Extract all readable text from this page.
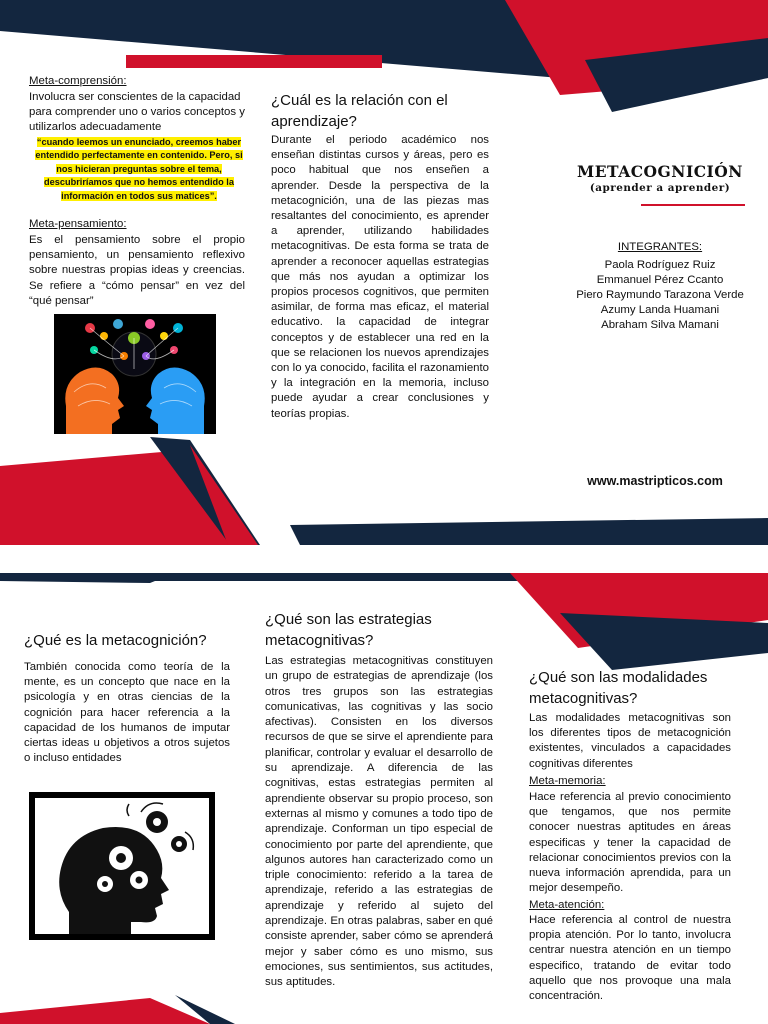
Meta-comprensión:
Involucra ser conscientes de la capacidad para comprender uno o varios conceptos y utilizarlos adecuadamente
“cuando leemos un enunciado, creemos haber entendido perfectamente en contenido. Pero, si nos hicieran preguntas sobre el tema, descubriríamos que no hemos entendido la información en todos sus matices”.
Meta-pensamiento:
Es el pensamiento sobre el propio pensamiento, un pensamiento reflexivo sobre nuestras propias ideas y creencias. Se refiere a “cómo pensar” en vez del “qué pensar”
¿Cuál es la relación con el aprendizaje?
Durante el periodo académico nos enseñan distintas cursos y áreas, pero es poco habitual que nos enseñen a aprender. Desde la perspectiva de la metacognición, una de las piezas mas resaltantes del conocimiento, es aprender a aprender, utilizando habilidades metacognitivas. De esta forma se trata de aprender a reconocer aquellas estrategias que más nos ayudan a optimizar los propios procesos cognitivos, que permiten asimilar, de forma mas eficaz, el material educativo. la capacidad de integrar conceptos y de establecer una red en la que se relacionen los nuevos aprendizajes con lo ya conocido, facilita el razonamiento y la integración en la memoria, incluso puede ayudar a crear conclusiones y teorías propias.
METACOGNICIÓN
(aprender a aprender)
INTEGRANTES:
Paola Rodríguez Ruiz
Emmanuel Pérez Ccanto
Piero Raymundo Tarazona Verde
Azumy Landa Huamani
Abraham Silva Mamani
www.mastripticos.com
¿Qué es la metacognición?
También conocida como teoría de la mente, es un concepto que nace en la psicología y en otras ciencias de la cognición para hacer referencia a la capacidad de los humanos de imputar ciertas ideas u objetivos a otros sujetos o incluso entidades
¿Qué son las estrategias metacognitivas?
Las estrategias metacognitivas constituyen un grupo de estrategias de aprendizaje (los otros tres grupos son las estrategias comunicativas, las cognitivas y las socio afectivas). Consisten en los diversos recursos de que se sirve el aprendiente para planificar, controlar y evaluar el desarrollo de su aprendizaje. A diferencia de las cognitivas, estas estrategias permiten al aprendiente observar su propio proceso, son externas al mismo y comunes a todo tipo de aprendizaje. Conforman un tipo especial de conocimiento por parte del aprendiente, que algunos autores han caracterizado como un triple conocimiento: referido a la tarea de aprendizaje, referido a las estrategias de aprendizaje y referido al sujeto del aprendizaje. En otras palabras, saber en qué consiste aprender, saber cómo se aprenderá mejor y saber cómo es uno mismo, sus emociones, sus sentimientos, sus actitudes, sus aptitudes.
¿Qué son las modalidades metacognitivas?
Las modalidades metacognitivas son los diferentes tipos de metacognición existentes, vinculados a capacidades cognitivas diferentes
Meta-memoria:
Hace referencia al previo conocimiento que tengamos, que nos permite conocer nuestras aptitudes en áreas especificas y tener la capacidad de relacionar conocimientos previos con la nueva información aprendida, para un mejor desempeño.
Meta-atención:
Hace referencia al control de nuestra propia atención. Por lo tanto, involucra centrar nuestra atención en un tiempo especifico, tratando de evitar todo aquello que nos provoque una mala concentración.
